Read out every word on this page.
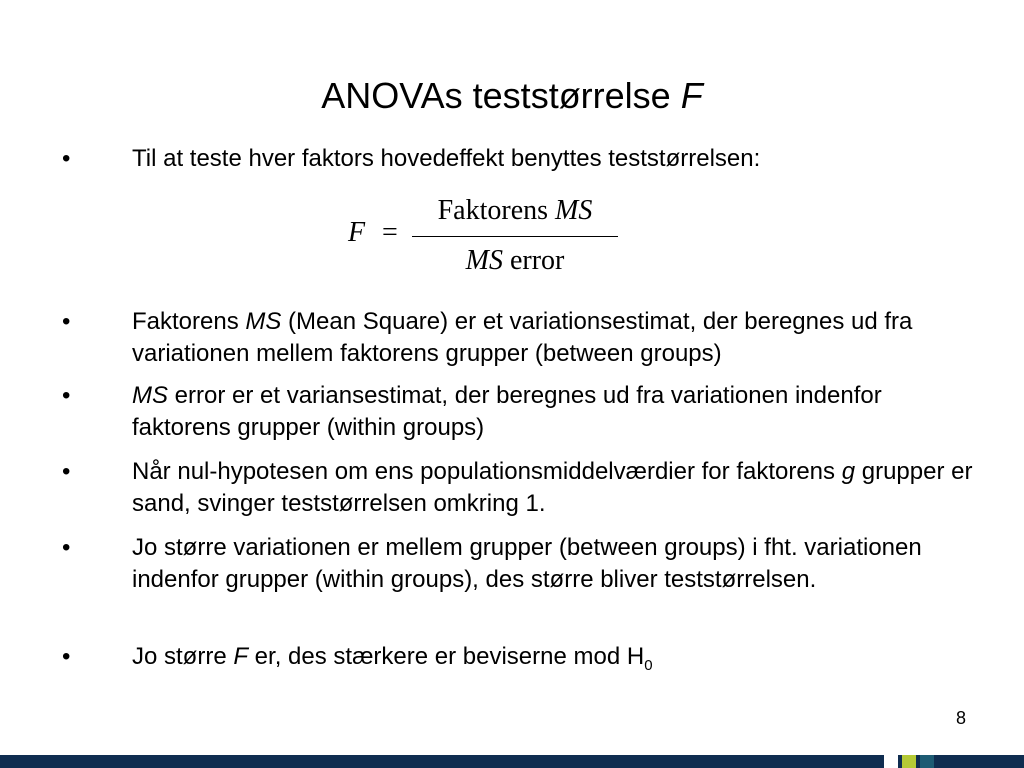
ANOVAs teststørrelse F
•	Til at teste hver faktors hovedeffekt benyttes teststørrelsen:
F =
Faktorens MS
MS error
•	Faktorens MS (Mean Square) er et variationsestimat, der beregnes ud fra variationen mellem faktorens grupper (between groups)
•	MS error er et variansestimat, der beregnes ud fra variationen indenfor faktorens grupper (within groups)
•	Når nul-hypotesen om ens populationsmiddelværdier for faktorens g grupper er sand, svinger teststørrelsen omkring 1.
•	Jo større variationen er mellem grupper (between groups) i fht. variationen indenfor grupper (within groups), des større bliver teststørrelsen.
•	Jo større F er, des stærkere er beviserne mod $H_0$
8
